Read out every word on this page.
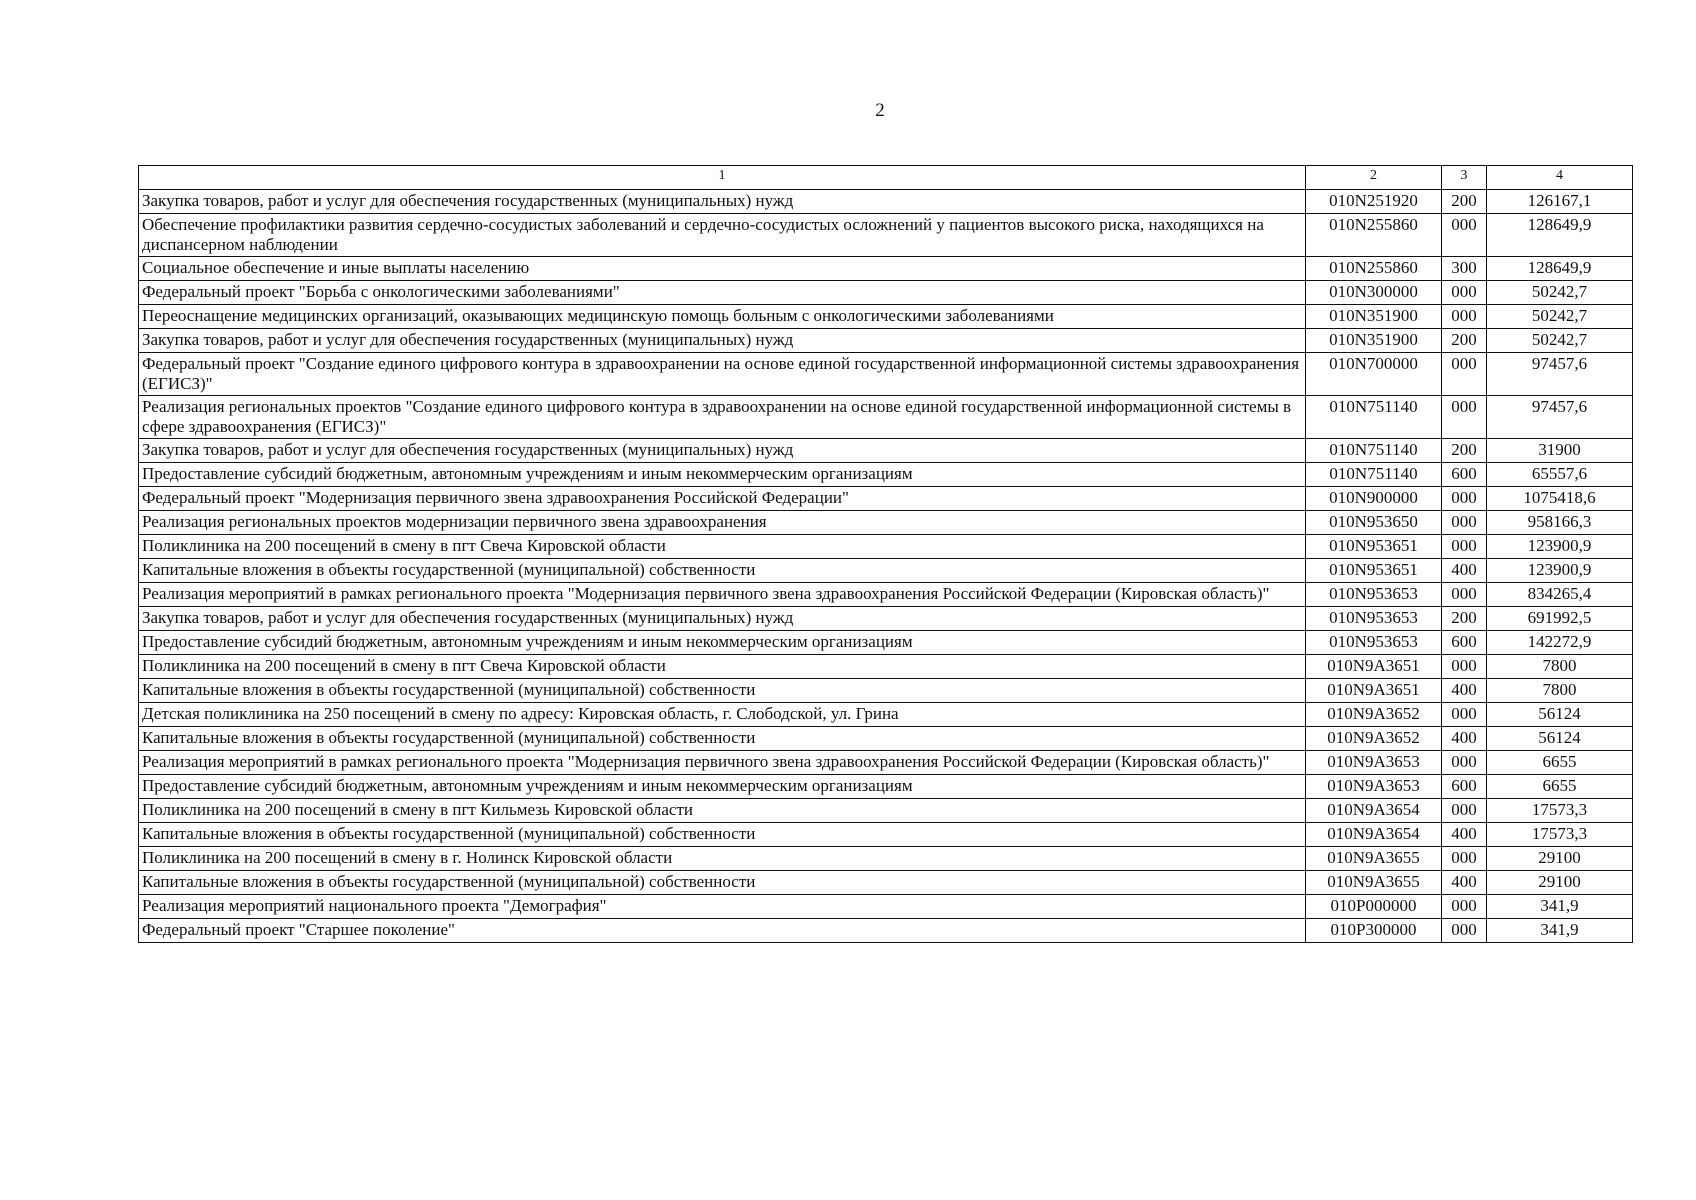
2
1	2	3	4
Закупка товаров, работ и услуг для обеспечения государственных (муниципальных) нужд	010N251920	200	126167,1
Обеспечение профилактики развития сердечно-сосудистых заболеваний и сердечно-сосудистых осложнений у пациентов высокого риска, находящихся на диспансерном наблюдении	010N255860	000	128649,9
Социальное обеспечение и иные выплаты населению	010N255860	300	128649,9
Федеральный проект "Борьба с онкологическими заболеваниями"	010N300000	000	50242,7
Переоснащение медицинских организаций, оказывающих медицинскую помощь больным с онкологическими заболеваниями	010N351900	000	50242,7
Закупка товаров, работ и услуг для обеспечения государственных (муниципальных) нужд	010N351900	200	50242,7
Федеральный проект "Создание единого цифрового контура в здравоохранении на основе единой государственной информационной системы здравоохранения (ЕГИСЗ)"	010N700000	000	97457,6
Реализация региональных проектов "Создание единого цифрового контура в здравоохранении на основе единой государственной информационной системы в сфере здравоохранения (ЕГИСЗ)"	010N751140	000	97457,6
Закупка товаров, работ и услуг для обеспечения государственных (муниципальных) нужд	010N751140	200	31900
Предоставление субсидий бюджетным, автономным учреждениям и иным некоммерческим организациям	010N751140	600	65557,6
Федеральный проект "Модернизация первичного звена здравоохранения Российской Федерации"	010N900000	000	1075418,6
Реализация региональных проектов модернизации первичного звена здравоохранения	010N953650	000	958166,3
Поликлиника на 200 посещений в смену в пгт Свеча Кировской области	010N953651	000	123900,9
Капитальные вложения в объекты государственной (муниципальной) собственности	010N953651	400	123900,9
Реализация мероприятий в рамках регионального проекта "Модернизация первичного звена здравоохранения Российской Федерации (Кировская область)"	010N953653	000	834265,4
Закупка товаров, работ и услуг для обеспечения государственных (муниципальных) нужд	010N953653	200	691992,5
Предоставление субсидий бюджетным, автономным учреждениям и иным некоммерческим организациям	010N953653	600	142272,9
Поликлиника на 200 посещений в смену в пгт Свеча Кировской области	010N9A3651	000	7800
Капитальные вложения в объекты государственной (муниципальной) собственности	010N9A3651	400	7800
Детская поликлиника на 250 посещений в смену по адресу: Кировская область, г. Слободской, ул. Грина	010N9A3652	000	56124
Капитальные вложения в объекты государственной (муниципальной) собственности	010N9A3652	400	56124
Реализация мероприятий в рамках регионального проекта "Модернизация первичного звена здравоохранения Российской Федерации (Кировская область)"	010N9A3653	000	6655
Предоставление субсидий бюджетным, автономным учреждениям и иным некоммерческим организациям	010N9A3653	600	6655
Поликлиника на 200 посещений в смену в пгт Кильмезь Кировской области	010N9A3654	000	17573,3
Капитальные вложения в объекты государственной (муниципальной) собственности	010N9A3654	400	17573,3
Поликлиника на 200 посещений в смену в г. Нолинск Кировской области	010N9A3655	000	29100
Капитальные вложения в объекты государственной (муниципальной) собственности	010N9A3655	400	29100
Реализация мероприятий национального проекта "Демография"	010P000000	000	341,9
Федеральный проект "Старшее поколение"	010P300000	000	341,9
